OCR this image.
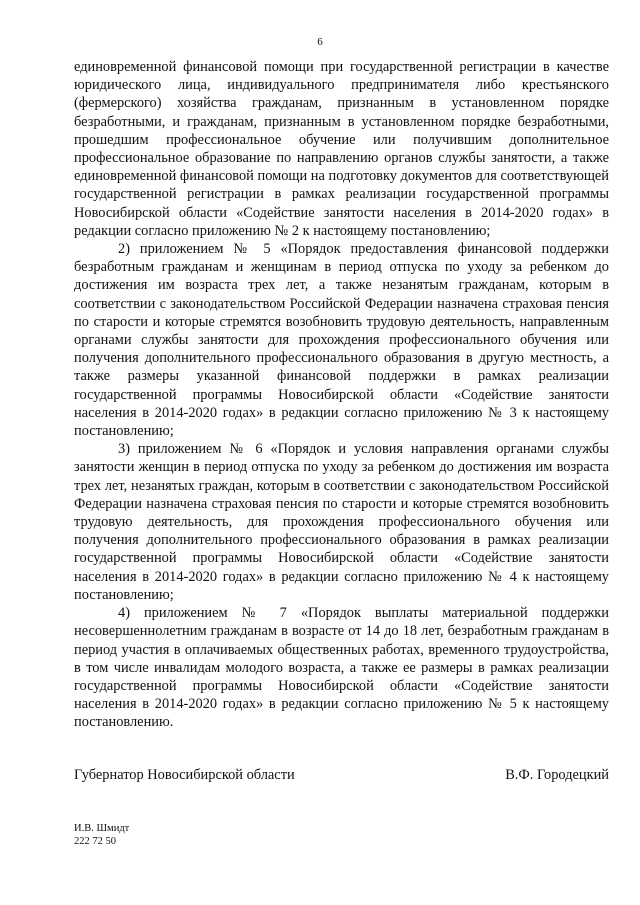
6

единовременной финансовой помощи при государственной регистрации в качестве юридического лица, индивидуального предпринимателя либо крестьянского (фермерского) хозяйства гражданам, признанным в установленном порядке безработными, и гражданам, признанным в установленном порядке безработными, прошедшим профессиональное обучение или получившим дополнительное профессиональное образование по направлению органов службы занятости, а также единовременной финансовой помощи на подготовку документов для соответствующей государственной регистрации в рамках реализации государственной программы Новосибирской области «Содействие занятости населения в 2014-2020 годах» в редакции согласно приложению № 2 к настоящему постановлению;

2) приложением № 5 «Порядок предоставления финансовой поддержки безработным гражданам и женщинам в период отпуска по уходу за ребенком до достижения им возраста трех лет, а также незанятым гражданам, которым в соответствии с законодательством Российской Федерации назначена страховая пенсия по старости и которые стремятся возобновить трудовую деятельность, направленным органами службы занятости для прохождения профессионального обучения или получения дополнительного профессионального образования в другую местность, а также размеры указанной финансовой поддержки в рамках реализации государственной программы Новосибирской области «Содействие занятости населения в 2014-2020 годах» в редакции согласно приложению № 3 к настоящему постановлению;

3) приложением № 6 «Порядок и условия направления органами службы занятости женщин в период отпуска по уходу за ребенком до достижения им возраста трех лет, незанятых граждан, которым в соответствии с законодательством Российской Федерации назначена страховая пенсия по старости и которые стремятся возобновить трудовую деятельность, для прохождения профессионального обучения или получения дополнительного профессионального образования в рамках реализации государственной программы Новосибирской области «Содействие занятости населения в 2014-2020 годах» в редакции согласно приложению № 4 к настоящему постановлению;

4) приложением № 7 «Порядок выплаты материальной поддержки несовершеннолетним гражданам в возрасте от 14 до 18 лет, безработным гражданам в период участия в оплачиваемых общественных работах, временного трудоустройства, в том числе инвалидам молодого возраста, а также ее размеры в рамках реализации государственной программы Новосибирской области «Содействие занятости населения в 2014-2020 годах» в редакции согласно приложению № 5 к настоящему постановлению.

Губернатор Новосибирской области	В.Ф. Городецкий
И.В. Шмидт
222 72 50
